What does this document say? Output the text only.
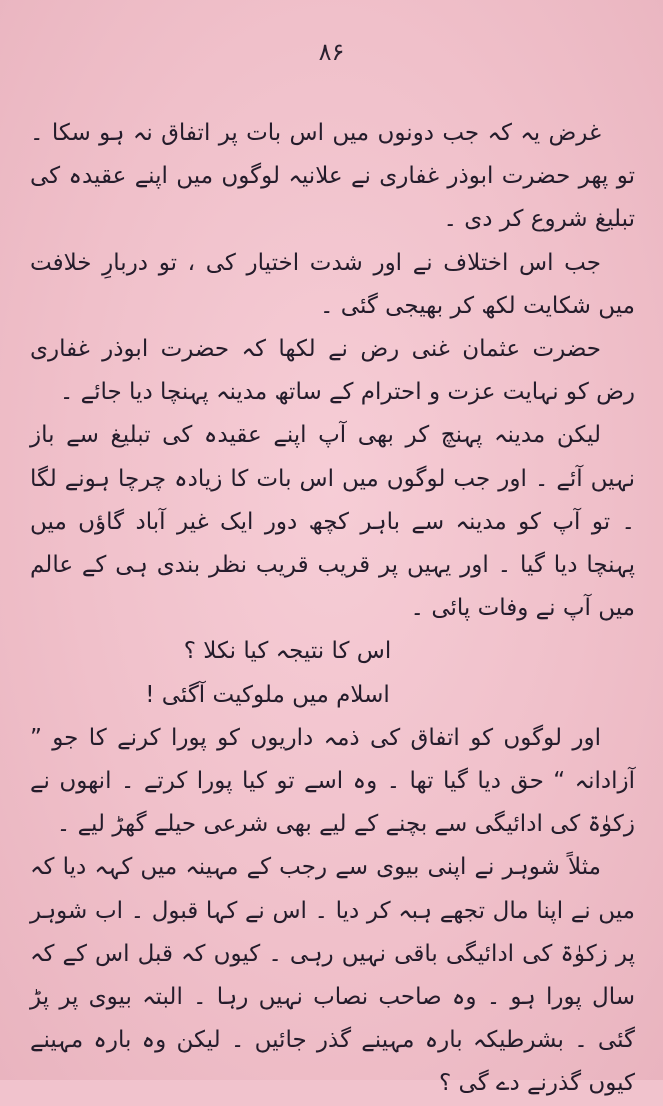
۸۶

غرض یہ کہ جب دونوں میں اس بات پر اتفاق نہ ہو سکا ۔ تو پھر حضرت ابوذر غفاری نے علانیہ لوگوں میں اپنے عقیدہ کی تبلیغ شروع کر دی ۔

جب اس اختلاف نے اور شدت اختیار کی ، تو دربارِ خلافت میں شکایت لکھ کر بھیجی گئی ۔

حضرت عثمان غنی رض نے لکھا کہ حضرت ابوذر غفاری رض کو نہایت عزت و احترام کے ساتھ مدینہ پہنچا دیا جائے ۔

لیکن مدینہ پہنچ کر بھی آپ اپنے عقیدہ کی تبلیغ سے باز نہیں آئے ۔ اور جب لوگوں میں اس بات کا زیادہ چرچا ہونے لگا ۔ تو آپ کو مدینہ سے باہر کچھ دور ایک غیر آباد گاؤں میں پہنچا دیا گیا ۔ اور یہیں پر قریب قریب نظر بندی ہی کے عالم میں آپ نے وفات پائی ۔

اس کا نتیجہ کیا نکلا ؟

اسلام میں ملوکیت آگئی !

اور لوگوں کو اتفاق کی ذمہ داریوں کو پورا کرنے کا جو ” آزادانہ “ حق دیا گیا تھا ۔ وہ اسے تو کیا پورا کرتے ۔ انھوں نے زکوٰۃ کی ادائیگی سے بچنے کے لیے بھی شرعی حیلے گھڑ لیے ۔

مثلاً شوہر نے اپنی بیوی سے رجب کے مہینہ میں کہہ دیا کہ میں نے اپنا مال تجھے ہبہ کر دیا ۔ اس نے کہا قبول ۔ اب شوہر پر زکوٰۃ کی ادائیگی باقی نہیں رہی ۔ کیوں کہ قبل اس کے کہ سال پورا ہو ۔ وہ صاحب نصاب نہیں رہا ۔ البتہ بیوی پر پڑ گئی ۔ بشرطیکہ بارہ مہینے گذر جائیں ۔ لیکن وہ بارہ مہینے کیوں گذرنے دے گی ؟
